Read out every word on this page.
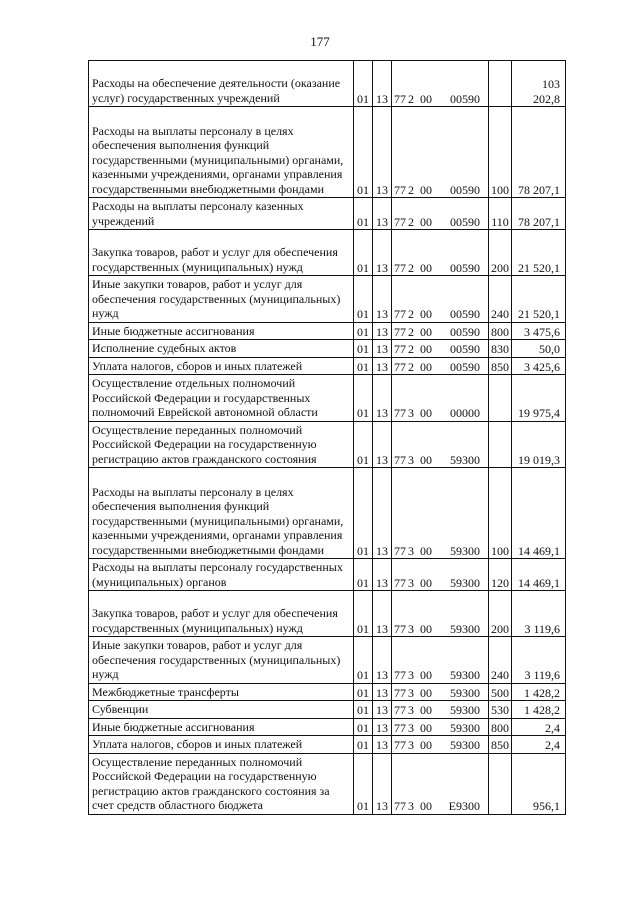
177
Расходы на обеспечение деятельности (оказание услуг) государственных учреждений	01	13	77 2 00 00590		103 202,8
Расходы на выплаты персоналу в целях обеспечения выполнения функций государственными (муниципальными) органами, казенными учреждениями, органами управления государственными внебюджетными фондами	01	13	77 2 00 00590	100	78 207,1
Расходы на выплаты персоналу казенных учреждений	01	13	77 2 00 00590	110	78 207,1
Закупка товаров, работ и услуг для обеспечения государственных (муниципальных) нужд	01	13	77 2 00 00590	200	21 520,1
Иные закупки товаров, работ и услуг для обеспечения государственных (муниципальных) нужд	01	13	77 2 00 00590	240	21 520,1
Иные бюджетные ассигнования	01	13	77 2 00 00590	800	3 475,6
Исполнение судебных актов	01	13	77 2 00 00590	830	50,0
Уплата налогов, сборов и иных платежей	01	13	77 2 00 00590	850	3 425,6
Осуществление отдельных полномочий Российской Федерации и государственных полномочий Еврейской автономной области	01	13	77 3 00 00000		19 975,4
Осуществление переданных полномочий Российской Федерации на государственную регистрацию актов гражданского состояния	01	13	77 3 00 59300		19 019,3
Расходы на выплаты персоналу в целях обеспечения выполнения функций государственными (муниципальными) органами, казенными учреждениями, органами управления государственными внебюджетными фондами	01	13	77 3 00 59300	100	14 469,1
Расходы на выплаты персоналу государственных (муниципальных) органов	01	13	77 3 00 59300	120	14 469,1
Закупка товаров, работ и услуг для обеспечения государственных (муниципальных) нужд	01	13	77 3 00 59300	200	3 119,6
Иные закупки товаров, работ и услуг для обеспечения государственных (муниципальных) нужд	01	13	77 3 00 59300	240	3 119,6
Межбюджетные трансферты	01	13	77 3 00 59300	500	1 428,2
Субвенции	01	13	77 3 00 59300	530	1 428,2
Иные бюджетные ассигнования	01	13	77 3 00 59300	800	2,4
Уплата налогов, сборов и иных платежей	01	13	77 3 00 59300	850	2,4
Осуществление переданных полномочий Российской Федерации на государственную регистрацию актов гражданского состояния за счет средств областного бюджета	01	13	77 3 00 E9300		956,1
